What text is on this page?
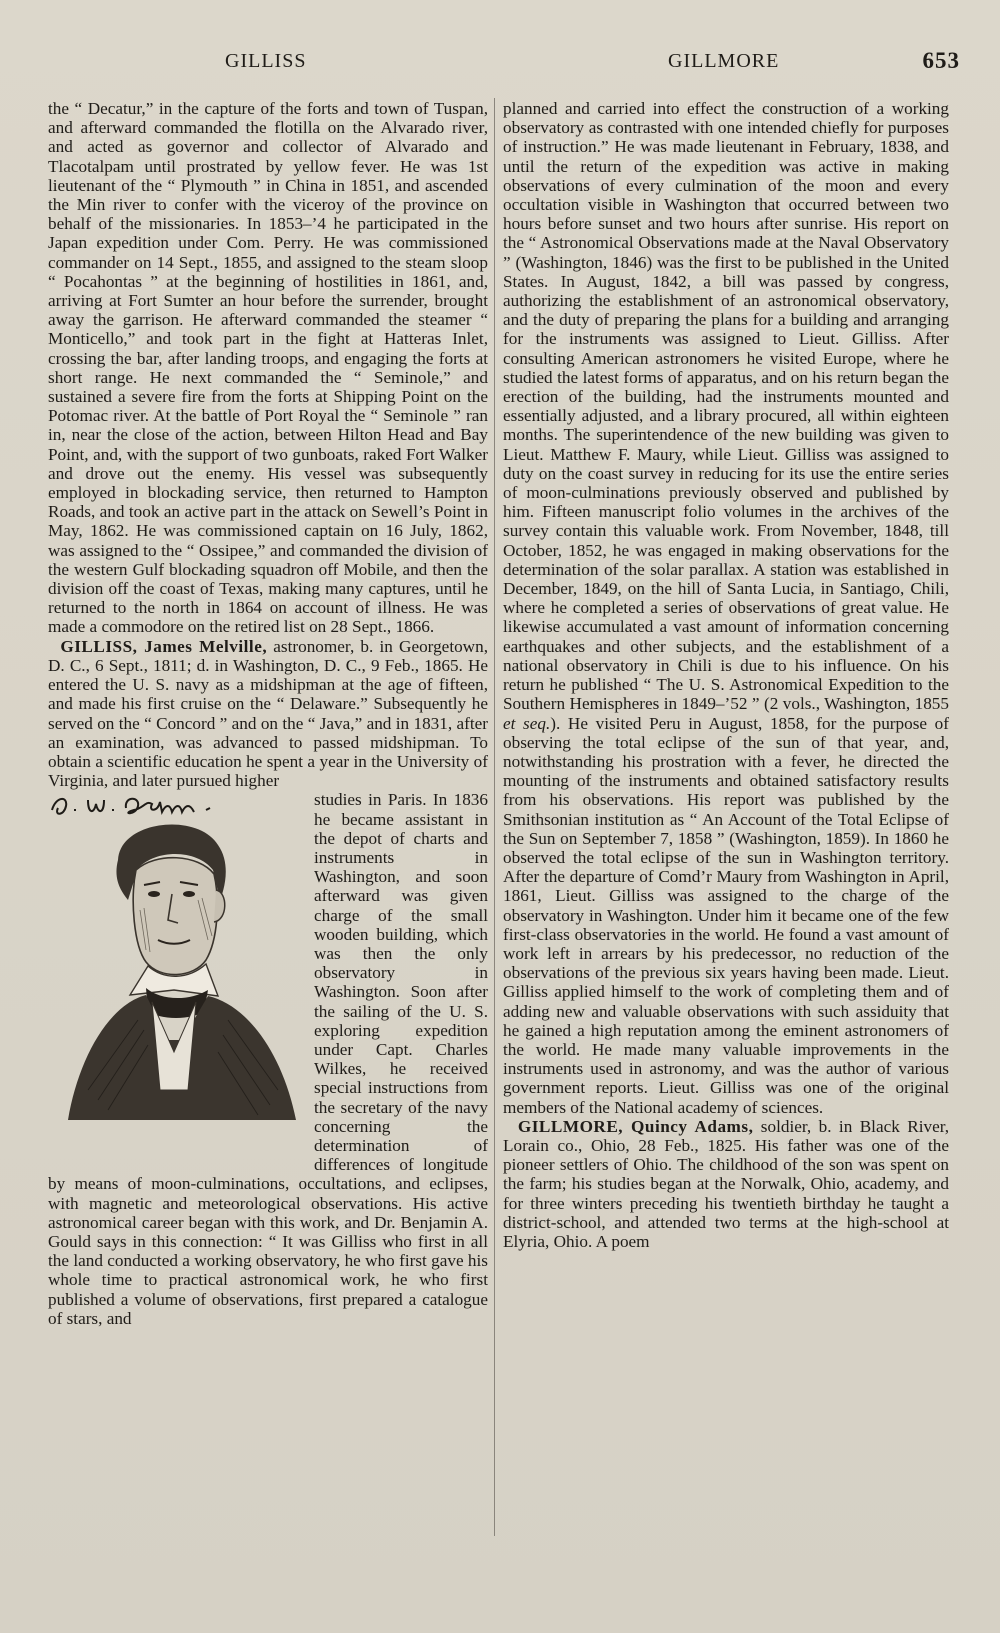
GILLISS	GILLMORE	653

the “ Decatur,” in the capture of the forts and town of Tuspan, and afterward commanded the flotilla on the Alvarado river, and acted as governor and collector of Alvarado and Tlacotalpam until prostrated by yellow fever. He was 1st lieutenant of the “ Plymouth ” in China in 1851, and ascended the Min river to confer with the viceroy of the province on behalf of the missionaries. In 1853–’4 he participated in the Japan expedition under Com. Perry. He was commissioned commander on 14 Sept., 1855, and assigned to the steam sloop “ Pocahontas ” at the beginning of hostilities in 1861, and, arriving at Fort Sumter an hour before the surrender, brought away the garrison. He afterward commanded the steamer “ Monticello,” and took part in the fight at Hatteras Inlet, crossing the bar, after landing troops, and engaging the forts at short range. He next commanded the “ Seminole,” and sustained a severe fire from the forts at Shipping Point on the Potomac river. At the battle of Port Royal the “ Seminole ” ran in, near the close of the action, between Hilton Head and Bay Point, and, with the support of two gunboats, raked Fort Walker and drove out the enemy. His vessel was subsequently employed in blockading service, then returned to Hampton Roads, and took an active part in the attack on Sewell’s Point in May, 1862. He was commissioned captain on 16 July, 1862, was assigned to the “ Ossipee,” and commanded the division of the western Gulf blockading squadron off Mobile, and then the division off the coast of Texas, making many captures, until he returned to the north in 1864 on account of illness. He was made a commodore on the retired list on 28 Sept., 1866.

GILLISS, James Melville, astronomer, b. in Georgetown, D. C., 6 Sept., 1811; d. in Washington, D. C., 9 Feb., 1865. He entered the U. S. navy as a midshipman at the age of fifteen, and made his first cruise on the “ Delaware.” Subsequently he served on the “ Concord ” and on the “ Java,” and in 1831, after an examination, was advanced to passed midshipman. To obtain a scientific education he spent a year in the University of Virginia, and later pursued higher

studies in Paris. In 1836 he became assistant in the depot of charts and instruments in Washington, and soon afterward was given charge of the small wooden building, which was then the only observatory in Washington. Soon after the sailing of the U. S. exploring expedition under Capt. Charles Wilkes, he received special instructions from the secretary of the navy concerning the determination of differences of longitude by means of moon-culminations, occultations, and eclipses, with magnetic and meteorological observations. His active astronomical career began with this work, and Dr. Benjamin A. Gould says in this connection: “ It was Gilliss who first in all the land conducted a working observatory, he who first gave his whole time to practical astronomical work, he who first published a volume of observations, first prepared a catalogue of stars, and

planned and carried into effect the construction of a working observatory as contrasted with one intended chiefly for purposes of instruction.” He was made lieutenant in February, 1838, and until the return of the expedition was active in making observations of every culmination of the moon and every occultation visible in Washington that occurred between two hours before sunset and two hours after sunrise. His report on the “ Astronomical Observations made at the Naval Observatory ” (Washington, 1846) was the first to be published in the United States. In August, 1842, a bill was passed by congress, authorizing the establishment of an astronomical observatory, and the duty of preparing the plans for a building and arranging for the instruments was assigned to Lieut. Gilliss. After consulting American astronomers he visited Europe, where he studied the latest forms of apparatus, and on his return began the erection of the building, had the instruments mounted and essentially adjusted, and a library procured, all within eighteen months. The superintendence of the new building was given to Lieut. Matthew F. Maury, while Lieut. Gilliss was assigned to duty on the coast survey in reducing for its use the entire series of moon-culminations previously observed and published by him. Fifteen manuscript folio volumes in the archives of the survey contain this valuable work. From November, 1848, till October, 1852, he was engaged in making observations for the determination of the solar parallax. A station was established in December, 1849, on the hill of Santa Lucia, in Santiago, Chili, where he completed a series of observations of great value. He likewise accumulated a vast amount of information concerning earthquakes and other subjects, and the establishment of a national observatory in Chili is due to his influence. On his return he published “ The U. S. Astronomical Expedition to the Southern Hemispheres in 1849–’52 ” (2 vols., Washington, 1855 et seq.). He visited Peru in August, 1858, for the purpose of observing the total eclipse of the sun of that year, and, notwithstanding his prostration with a fever, he directed the mounting of the instruments and obtained satisfactory results from his observations. His report was published by the Smithsonian institution as “ An Account of the Total Eclipse of the Sun on September 7, 1858 ” (Washington, 1859). In 1860 he observed the total eclipse of the sun in Washington territory. After the departure of Comd’r Maury from Washington in April, 1861, Lieut. Gilliss was assigned to the charge of the observatory in Washington. Under him it became one of the few first-class observatories in the world. He found a vast amount of work left in arrears by his predecessor, no reduction of the observations of the previous six years having been made. Lieut. Gilliss applied himself to the work of completing them and of adding new and valuable observations with such assiduity that he gained a high reputation among the eminent astronomers of the world. He made many valuable improvements in the instruments used in astronomy, and was the author of various government reports. Lieut. Gilliss was one of the original members of the National academy of sciences.

GILLMORE, Quincy Adams, soldier, b. in Black River, Lorain co., Ohio, 28 Feb., 1825. His father was one of the pioneer settlers of Ohio. The childhood of the son was spent on the farm; his studies began at the Norwalk, Ohio, academy, and for three winters preceding his twentieth birthday he taught a district-school, and attended two terms at the high-school at Elyria, Ohio. A poem
